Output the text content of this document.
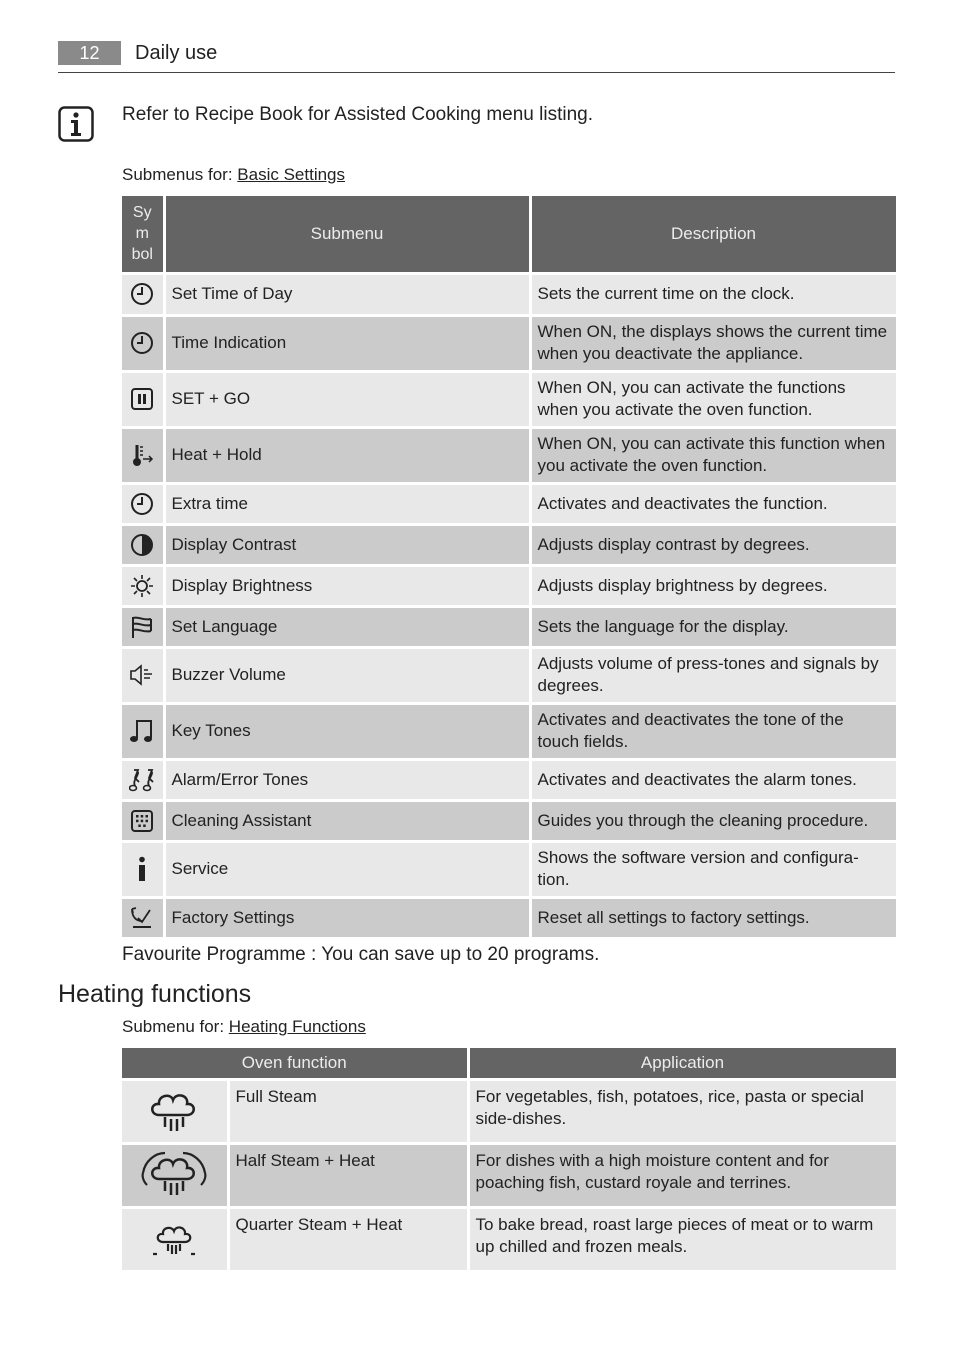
12	Daily use
Refer to Recipe Book for Assisted Cooking menu listing.
Submenus for: Basic Settings
Sy
m
bol	Submenu	Description

	Set Time of Day	Sets the current time on the clock.

	Time Indication	When ON, the displays shows the current time when you deactivate the appliance.

	SET + GO	When ON, you can activate the functions when you activate the oven function.

	Heat + Hold	When ON, you can activate this function when you activate the oven function.

	Extra time	Activates and deactivates the function.

	Display Contrast	Adjusts display contrast by degrees.

	Display Brightness	Adjusts display brightness by degrees.

	Set Language	Sets the language for the display.

	Buzzer Volume	Adjusts volume of press-tones and signals by degrees.

	Key Tones	Activates and deactivates the tone of the touch fields.

	Alarm/Error Tones	Activates and deactivates the alarm tones.

	Cleaning Assistant	Guides you through the cleaning procedure.

	Service	Shows the software version and configura-tion.

	Factory Settings	Reset all settings to factory settings.
Favourite Programme : You can save up to 20 programs.
Heating functions
Submenu for: Heating Functions
Oven function		Application

	Full Steam	For vegetables, fish, potatoes, rice, pasta or special side-dishes.

	Half Steam + Heat	For dishes with a high moisture content and for poaching fish, custard royale and terrines.

	Quarter Steam + Heat	To bake bread, roast large pieces of meat or to warm up chilled and frozen meals.
